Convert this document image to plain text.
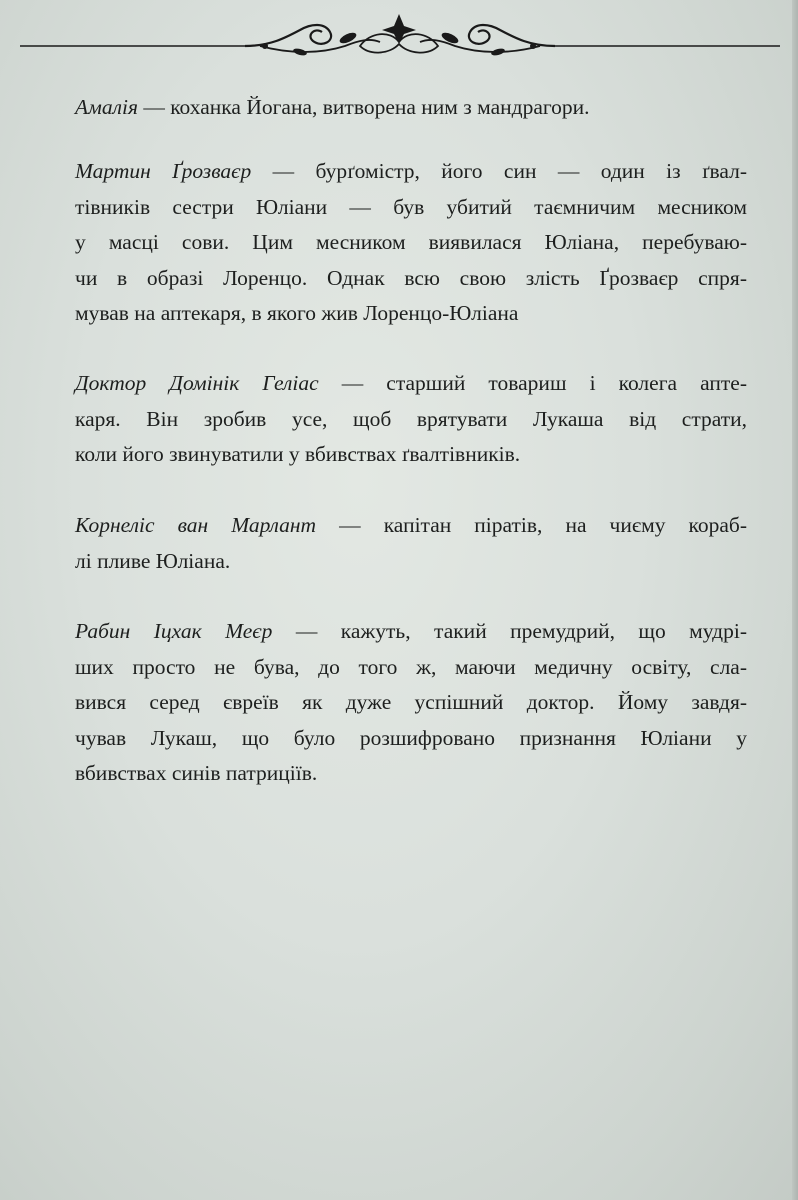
Амалія — коханка Йогана, витворена ним з мандрагори.

Мартин Ґрозваєр — бурґомістр, його син — один із ґвал-
тівників сестри Юліани — був убитий таємничим месником
у масці сови. Цим месником виявилася Юліана, перебуваю-
чи в образі Лоренцо. Однак всю свою злість Ґрозваєр спря-
мував на аптекаря, в якого жив Лоренцо-Юліана

Доктор Домінік Геліас — старший товариш і колега апте-
каря. Він зробив усе, щоб врятувати Лукаша від страти,
коли його звинуватили у вбивствах ґвалтівників.

Корнеліс ван Марлант — капітан піратів, на чиєму кораб-
лі пливе Юліана.

Рабин Іцхак Меєр — кажуть, такий премудрий, що мудрі-
ших просто не бува, до того ж, маючи медичну освіту, сла-
вився серед євреїв як дуже успішний доктор. Йому завдя-
чував Лукаш, що було розшифровано признання Юліани у
вбивствах синів патриціїв.
